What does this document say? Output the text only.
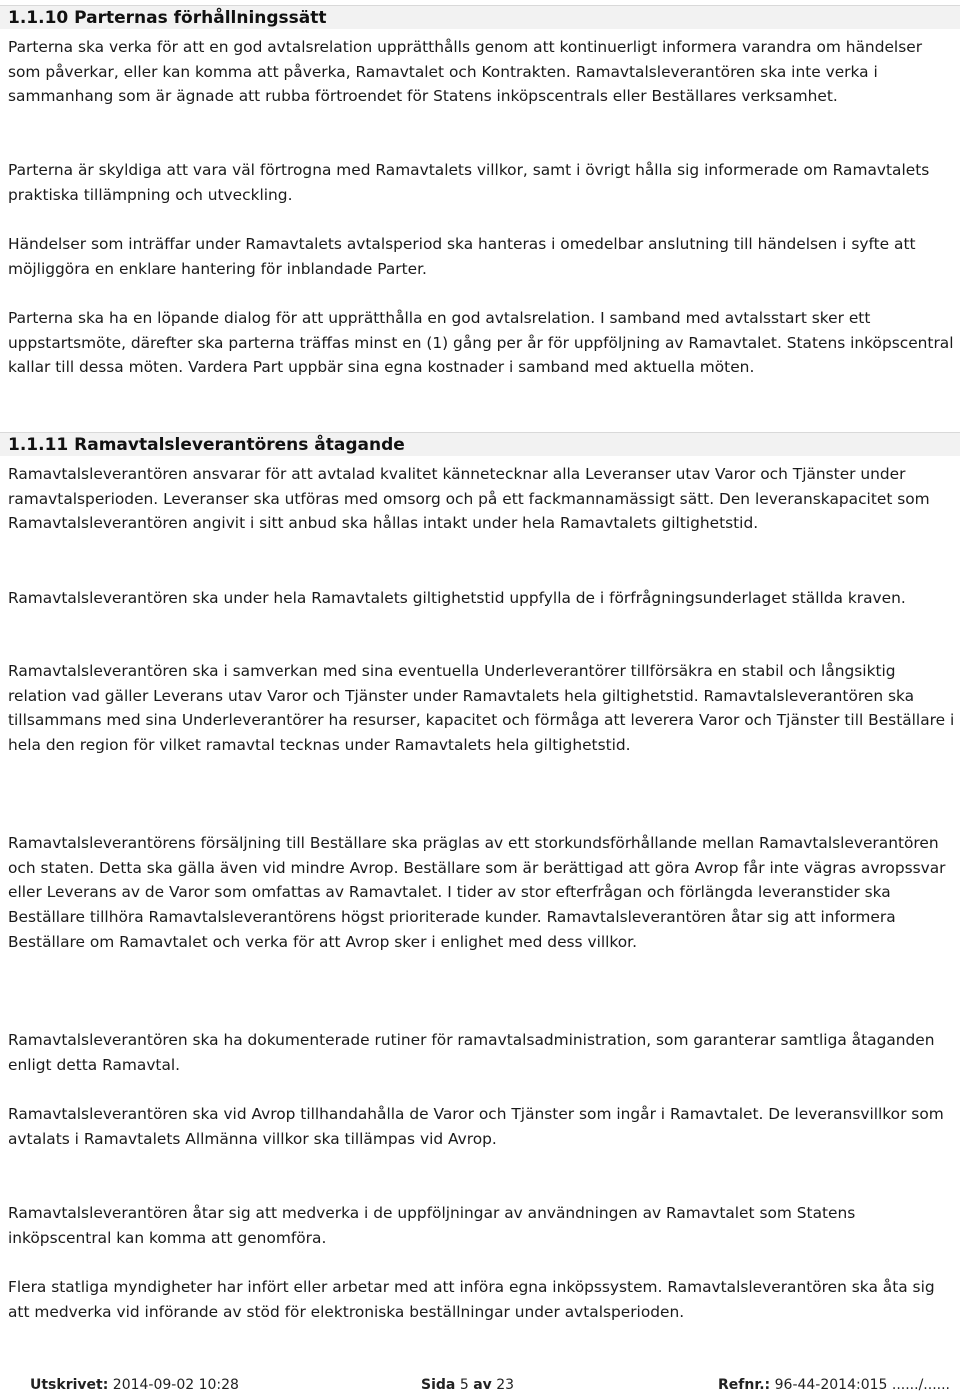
1.1.10 Parternas förhållningssätt

Parterna ska verka för att en god avtalsrelation upprätthålls genom att kontinuerligt informera varandra om händelser som påverkar, eller kan komma att påverka, Ramavtalet och Kontrakten. Ramavtalsleverantören ska inte verka i sammanhang som är ägnade att rubba förtroendet för Statens inköpscentrals eller Beställares verksamhet.

Parterna är skyldiga att vara väl förtrogna med Ramavtalets villkor, samt i övrigt hålla sig informerade om Ramavtalets praktiska tillämpning och utveckling.

Händelser som inträffar under Ramavtalets avtalsperiod ska hanteras i omedelbar anslutning till händelsen i syfte att möjliggöra en enklare hantering för inblandade Parter.

Parterna ska ha en löpande dialog för att upprätthålla en god avtalsrelation. I samband med avtalsstart sker ett uppstartsmöte, därefter ska parterna träffas minst en (1) gång per år för uppföljning av Ramavtalet. Statens inköpscentral kallar till dessa möten. Vardera Part uppbär sina egna kostnader i samband med aktuella möten.

1.1.11 Ramavtalsleverantörens åtagande

Ramavtalsleverantören ansvarar för att avtalad kvalitet kännetecknar alla Leveranser utav Varor och Tjänster under ramavtalsperioden. Leveranser ska utföras med omsorg och på ett fackmannamässigt sätt. Den leveranskapacitet som Ramavtalsleverantören angivit i sitt anbud ska hållas intakt under hela Ramavtalets giltighetstid.

Ramavtalsleverantören ska under hela Ramavtalets giltighetstid uppfylla de i förfrågningsunderlaget ställda kraven.

Ramavtalsleverantören ska i samverkan med sina eventuella Underleverantörer tillförsäkra en stabil och långsiktig relation vad gäller Leverans utav Varor och Tjänster under Ramavtalets hela giltighetstid. Ramavtalsleverantören ska tillsammans med sina Underleverantörer ha resurser, kapacitet och förmåga att leverera Varor och Tjänster till Beställare i hela den region för vilket ramavtal tecknas under Ramavtalets hela giltighetstid.

Ramavtalsleverantörens försäljning till Beställare ska präglas av ett storkundsförhållande mellan Ramavtalsleverantören och staten. Detta ska gälla även vid mindre Avrop. Beställare som är berättigad att göra Avrop får inte vägras avropssvar eller Leverans av de Varor som omfattas av Ramavtalet. I tider av stor efterfrågan och förlängda leveranstider ska Beställare tillhöra Ramavtalsleverantörens högst prioriterade kunder. Ramavtalsleverantören åtar sig att informera Beställare om Ramavtalet och verka för att Avrop sker i enlighet med dess villkor.

Ramavtalsleverantören ska ha dokumenterade rutiner för ramavtalsadministration, som garanterar samtliga åtaganden enligt detta Ramavtal.

Ramavtalsleverantören ska vid Avrop tillhandahålla de Varor och Tjänster som ingår i Ramavtalet. De leveransvillkor som avtalats i Ramavtalets Allmänna villkor ska tillämpas vid Avrop.

Ramavtalsleverantören åtar sig att medverka i de uppföljningar av användningen av Ramavtalet som Statens inköpscentral kan komma att genomföra.

Flera statliga myndigheter har infört eller arbetar med att införa egna inköpssystem. Ramavtalsleverantören ska åta sig att medverka vid införande av stöd för elektroniska beställningar under avtalsperioden.

Utskrivet: 2014-09-02 10:28	Sida 5 av 23	Refnr.: 96-44-2014:015 ....../......
